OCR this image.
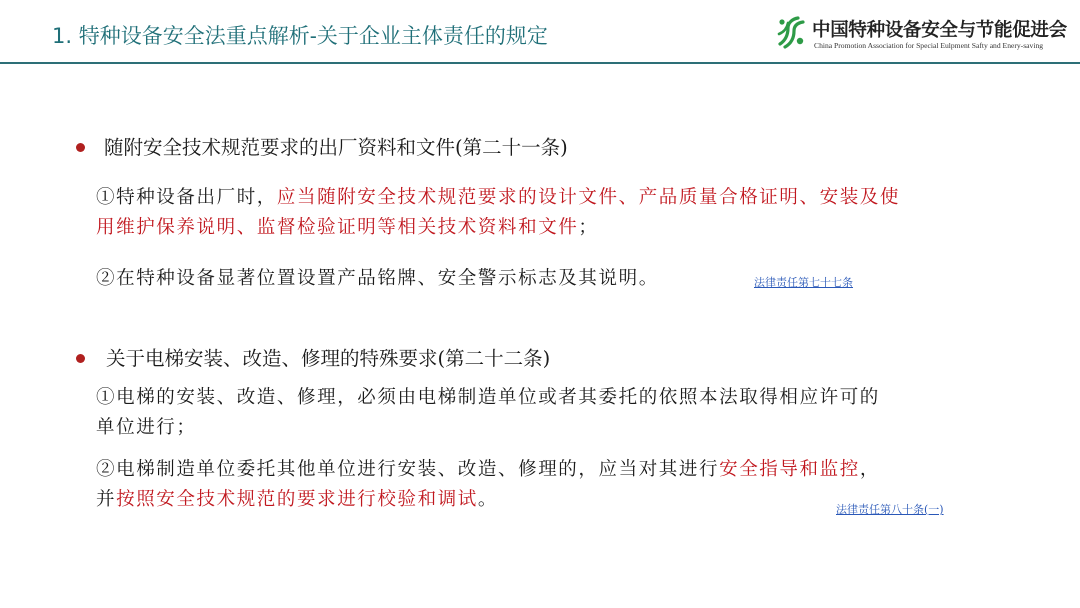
1. 特种设备安全法重点解析-关于企业主体责任的规定	中国特种设备安全与节能促进会
China Promotion Association for Special Eulpment Safty and Enery-saving
随附安全技术规范要求的出厂资料和文件(第二十一条)
①特种设备出厂时，应当随附安全技术规范要求的设计文件、产品质量合格证明、安装及使
用维护保养说明、监督检验证明等相关技术资料和文件；
②在特种设备显著位置设置产品铭牌、安全警示标志及其说明。	法律责任第七十七条
关于电梯安装、改造、修理的特殊要求(第二十二条)
①电梯的安装、改造、修理，必须由电梯制造单位或者其委托的依照本法取得相应许可的
单位进行；
②电梯制造单位委托其他单位进行安装、改造、修理的，应当对其进行安全指导和监控，
并按照安全技术规范的要求进行校验和调试。	法律责任第八十条(一)
